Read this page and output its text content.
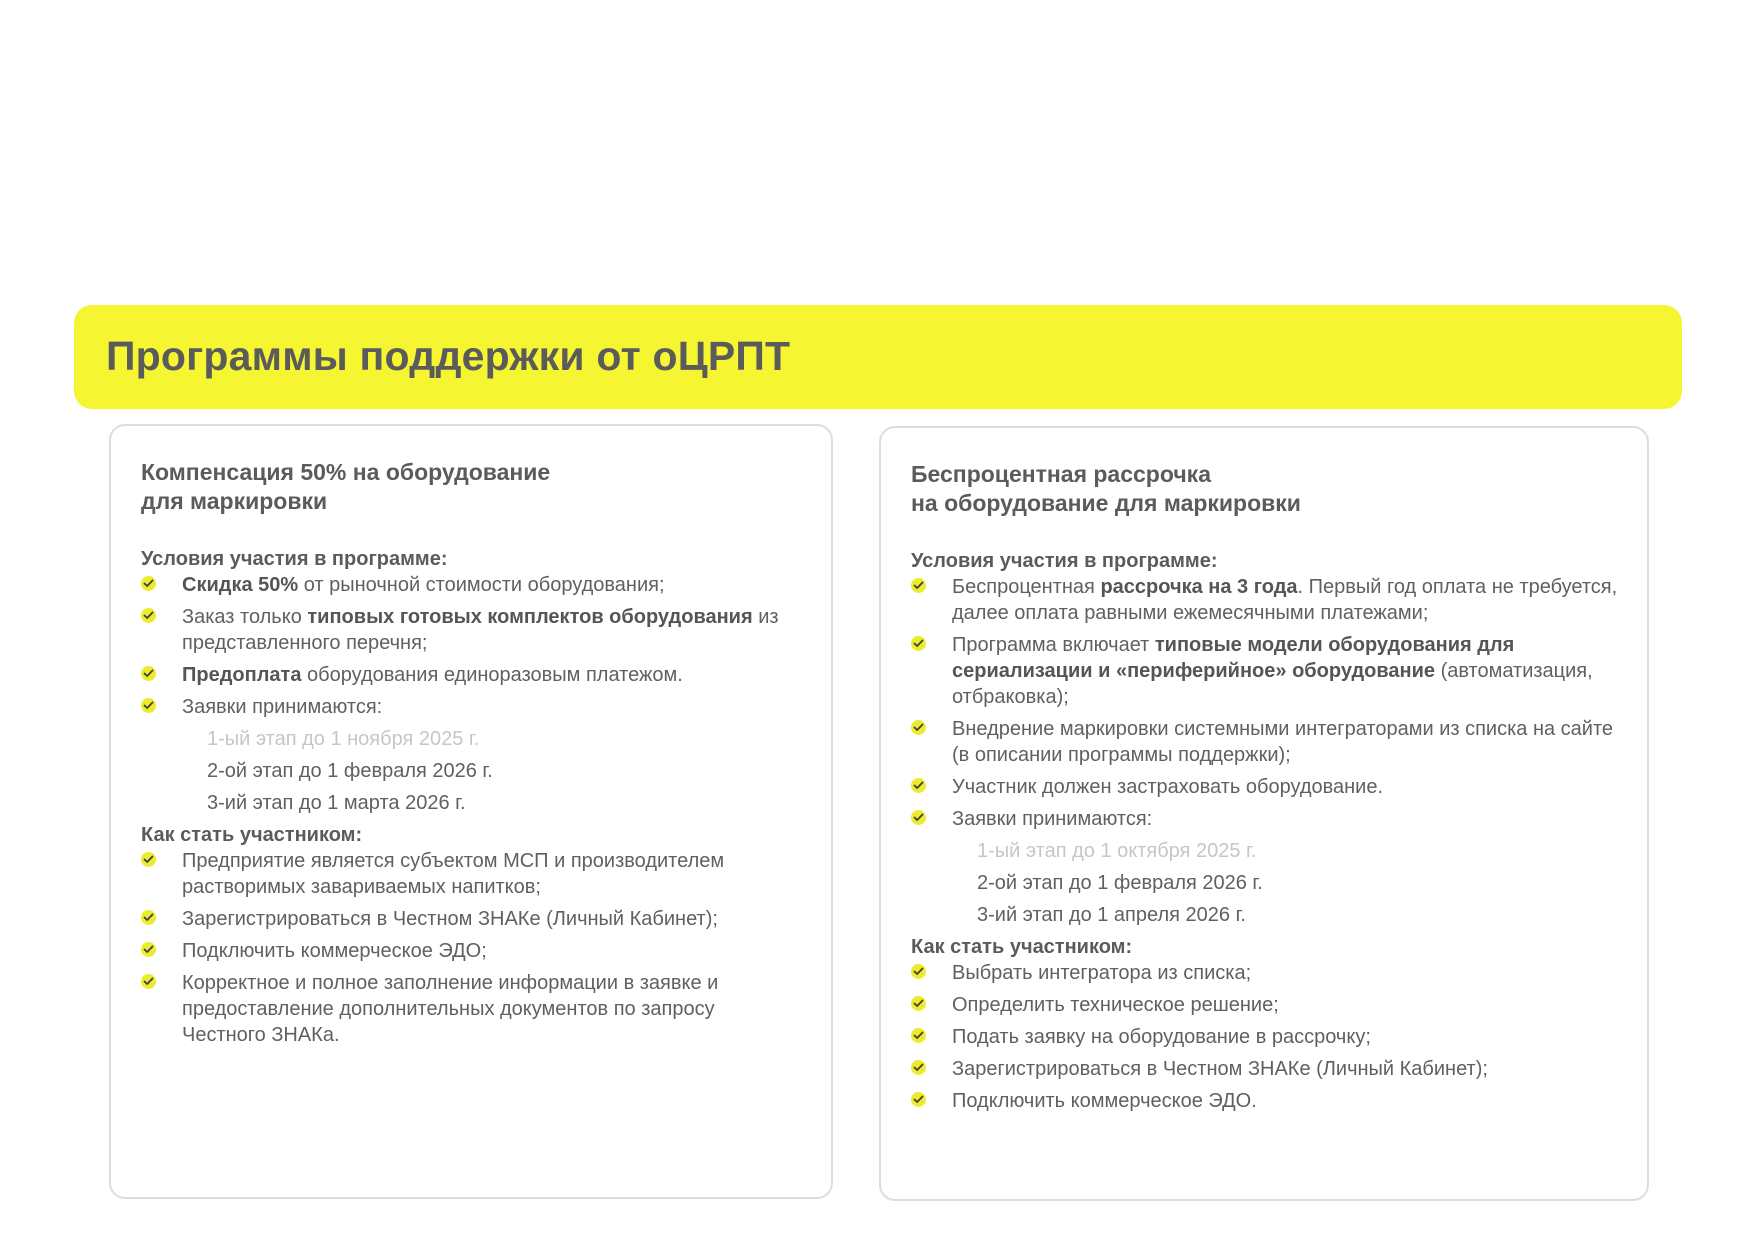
Программы поддержки от оЦРПТ
Компенсация 50% на оборудование
для маркировки

Условия участия в программе:

Скидка 50% от рыночной стоимости оборудования;
Заказ только типовых готовых комплектов оборудования из представленного перечня;
Предоплата оборудования единоразовым платежом.
Заявки принимаются:
1-ый этап до 1 ноября 2025 г.
2-ой этап до 1 февраля 2026 г.
3-ий этап до 1 марта 2026 г.

Как стать участником:

Предприятие является субъектом МСП и производителем растворимых завариваемых напитков;
Зарегистрироваться в Честном ЗНАКе (Личный Кабинет);
Подключить коммерческое ЭДО;
Корректное и полное заполнение информации в заявке и предоставление дополнительных документов по запросу Честного ЗНАКа.
Беспроцентная рассрочка
на оборудование для маркировки

Условия участия в программе:

Беспроцентная рассрочка на 3 года. Первый год оплата не требуется, далее оплата равными ежемесячными платежами;
Программа включает типовые модели оборудования для сериализации и «периферийное» оборудование (автоматизация, отбраковка);
Внедрение маркировки системными интеграторами из списка на сайте (в описании программы поддержки);
Участник должен застраховать оборудование.
Заявки принимаются:
1-ый этап до 1 октября 2025 г.
2-ой этап до 1 февраля 2026 г.
3-ий этап до 1 апреля 2026 г.

Как стать участником:

Выбрать интегратора из списка;
Определить техническое решение;
Подать заявку на оборудование в рассрочку;
Зарегистрироваться в Честном ЗНАКе (Личный Кабинет);
Подключить коммерческое ЭДО.
